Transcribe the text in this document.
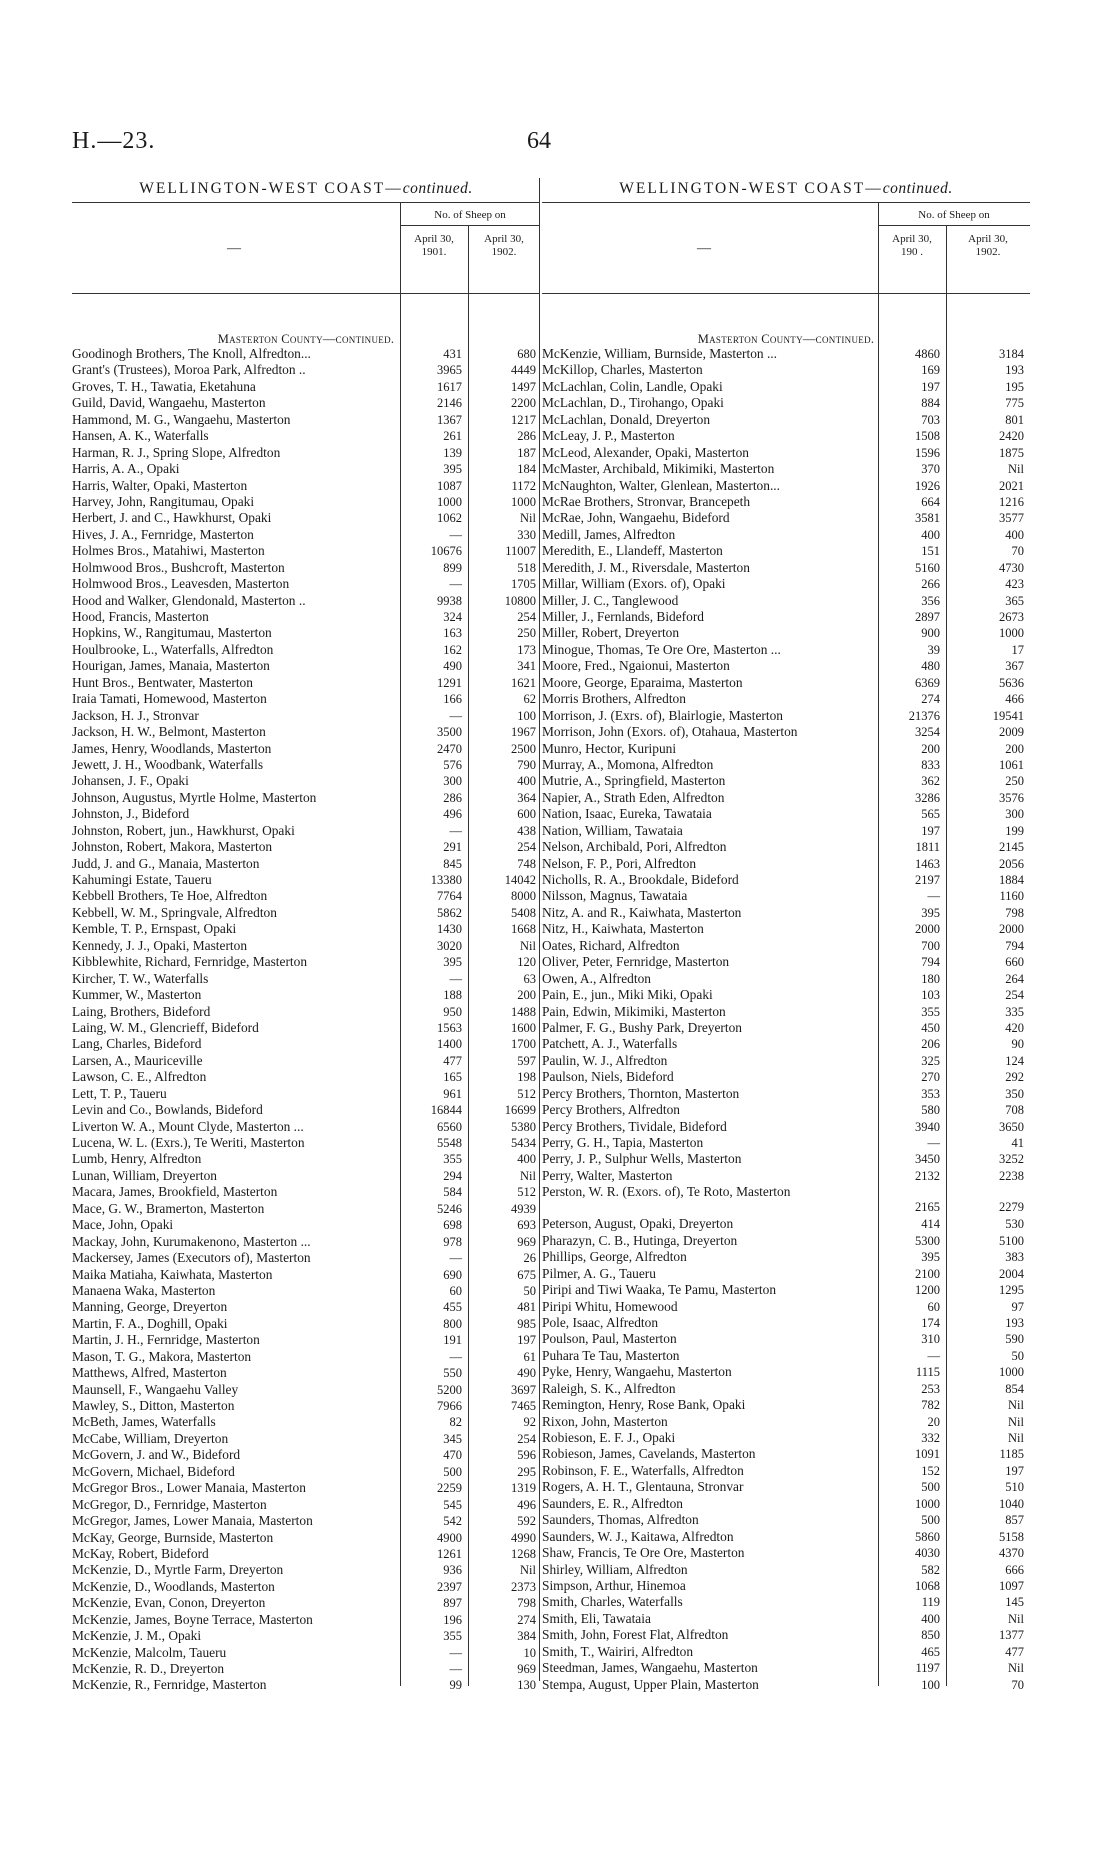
H.—23.	64
WELLINGTON-WEST COAST—continued.
—
No. of Sheep on
April 30,
1901.
April 30,
1902.
Masterton County—continued.
Goodinogh Brothers, The Knoll, Alfredton...	431	680
Grant's (Trustees), Moroa Park, Alfredton ..	3965	4449
Groves, T. H., Tawatia, Eketahuna	1617	1497
Guild, David, Wangaehu, Masterton	2146	2200
Hammond, M. G., Wangaehu, Masterton	1367	1217
Hansen, A. K., Waterfalls	261	286
Harman, R. J., Spring Slope, Alfredton	139	187
Harris, A. A., Opaki	395	184
Harris, Walter, Opaki, Masterton	1087	1172
Harvey, John, Rangitumau, Opaki	1000	1000
Herbert, J. and C., Hawkhurst, Opaki	1062	Nil
Hives, J. A., Fernridge, Masterton	—	330
Holmes Bros., Matahiwi, Masterton	10676	11007
Holmwood Bros., Bushcroft, Masterton	899	518
Holmwood Bros., Leavesden, Masterton	—	1705
Hood and Walker, Glendonald, Masterton ..	9938	10800
Hood, Francis, Masterton	324	254
Hopkins, W., Rangitumau, Masterton	163	250
Houlbrooke, L., Waterfalls, Alfredton	162	173
Hourigan, James, Manaia, Masterton	490	341
Hunt Bros., Bentwater, Masterton	1291	1621
Iraia Tamati, Homewood, Masterton	166	62
Jackson, H. J., Stronvar	—	100
Jackson, H. W., Belmont, Masterton	3500	1967
James, Henry, Woodlands, Masterton	2470	2500
Jewett, J. H., Woodbank, Waterfalls	576	790
Johansen, J. F., Opaki	300	400
Johnson, Augustus, Myrtle Holme, Masterton	286	364
Johnston, J., Bideford	496	600
Johnston, Robert, jun., Hawkhurst, Opaki	—	438
Johnston, Robert, Makora, Masterton	291	254
Judd, J. and G., Manaia, Masterton	845	748
Kahumingi Estate, Taueru	13380	14042
Kebbell Brothers, Te Hoe, Alfredton	7764	8000
Kebbell, W. M., Springvale, Alfredton	5862	5408
Kemble, T. P., Ernspast, Opaki	1430	1668
Kennedy, J. J., Opaki, Masterton	3020	Nil
Kibblewhite, Richard, Fernridge, Masterton	395	120
Kircher, T. W., Waterfalls	—	63
Kummer, W., Masterton	188	200
Laing, Brothers, Bideford	950	1488
Laing, W. M., Glencrieff, Bideford	1563	1600
Lang, Charles, Bideford	1400	1700
Larsen, A., Mauriceville	477	597
Lawson, C. E., Alfredton	165	198
Lett, T. P., Taueru	961	512
Levin and Co., Bowlands, Bideford	16844	16699
Liverton W. A., Mount Clyde, Masterton ...	6560	5380
Lucena, W. L. (Exrs.), Te Weriti, Masterton	5548	5434
Lumb, Henry, Alfredton	355	400
Lunan, William, Dreyerton	294	Nil
Macara, James, Brookfield, Masterton	584	512
Mace, G. W., Bramerton, Masterton	5246	4939
Mace, John, Opaki	698	693
Mackay, John, Kurumakenono, Masterton ...	978	969
Mackersey, James (Executors of), Masterton	—	26
Maika Matiaha, Kaiwhata, Masterton	690	675
Manaena Waka, Masterton	60	50
Manning, George, Dreyerton	455	481
Martin, F. A., Doghill, Opaki	800	985
Martin, J. H., Fernridge, Masterton	191	197
Mason, T. G., Makora, Masterton	—	61
Matthews, Alfred, Masterton	550	490
Maunsell, F., Wangaehu Valley	5200	3697
Mawley, S., Ditton, Masterton	7966	7465
McBeth, James, Waterfalls	82	92
McCabe, William, Dreyerton	345	254
McGovern, J. and W., Bideford	470	596
McGovern, Michael, Bideford	500	295
McGregor Bros., Lower Manaia, Masterton	2259	1319
McGregor, D., Fernridge, Masterton	545	496
McGregor, James, Lower Manaia, Masterton	542	592
McKay, George, Burnside, Masterton	4900	4990
McKay, Robert, Bideford	1261	1268
McKenzie, D., Myrtle Farm, Dreyerton	936	Nil
McKenzie, D., Woodlands, Masterton	2397	2373
McKenzie, Evan, Conon, Dreyerton	897	798
McKenzie, James, Boyne Terrace, Masterton	196	274
McKenzie, J. M., Opaki	355	384
McKenzie, Malcolm, Taueru	—	10
McKenzie, R. D., Dreyerton	—	969
McKenzie, R., Fernridge, Masterton	99	130
WELLINGTON-WEST COAST—continued.
—
No. of Sheep on
April 30,
190 .
April 30,
1902.
Masterton County—continued.
McKenzie, William, Burnside, Masterton ...	4860	3184
McKillop, Charles, Masterton	169	193
McLachlan, Colin, Landle, Opaki	197	195
McLachlan, D., Tirohango, Opaki	884	775
McLachlan, Donald, Dreyerton	703	801
McLeay, J. P., Masterton	1508	2420
McLeod, Alexander, Opaki, Masterton	1596	1875
McMaster, Archibald, Mikimiki, Masterton	370	Nil
McNaughton, Walter, Glenlean, Masterton...	1926	2021
McRae Brothers, Stronvar, Brancepeth	664	1216
McRae, John, Wangaehu, Bideford	3581	3577
Medill, James, Alfredton	400	400
Meredith, E., Llandeff, Masterton	151	70
Meredith, J. M., Riversdale, Masterton	5160	4730
Millar, William (Exors. of), Opaki	266	423
Miller, J. C., Tanglewood	356	365
Miller, J., Fernlands, Bideford	2897	2673
Miller, Robert, Dreyerton	900	1000
Minogue, Thomas, Te Ore Ore, Masterton ...	39	17
Moore, Fred., Ngaionui, Masterton	480	367
Moore, George, Eparaima, Masterton	6369	5636
Morris Brothers, Alfredton	274	466
Morrison, J. (Exrs. of), Blairlogie, Masterton	21376	19541
Morrison, John (Exors. of), Otahaua, Masterton	3254	2009
Munro, Hector, Kuripuni	200	200
Murray, A., Momona, Alfredton	833	1061
Mutrie, A., Springfield, Masterton	362	250
Napier, A., Strath Eden, Alfredton	3286	3576
Nation, Isaac, Eureka, Tawataia	565	300
Nation, William, Tawataia	197	199
Nelson, Archibald, Pori, Alfredton	1811	2145
Nelson, F. P., Pori, Alfredton	1463	2056
Nicholls, R. A., Brookdale, Bideford	2197	1884
Nilsson, Magnus, Tawataia	—	1160
Nitz, A. and R., Kaiwhata, Masterton	395	798
Nitz, H., Kaiwhata, Masterton	2000	2000
Oates, Richard, Alfredton	700	794
Oliver, Peter, Fernridge, Masterton	794	660
Owen, A., Alfredton	180	264
Pain, E., jun., Miki Miki, Opaki	103	254
Pain, Edwin, Mikimiki, Masterton	355	335
Palmer, F. G., Bushy Park, Dreyerton	450	420
Patchett, A. J., Waterfalls	206	90
Paulin, W. J., Alfredton	325	124
Paulson, Niels, Bideford	270	292
Percy Brothers, Thornton, Masterton	353	350
Percy Brothers, Alfredton	580	708
Percy Brothers, Tividale, Bideford	3940	3650
Perry, G. H., Tapia, Masterton	—	41
Perry, J. P., Sulphur Wells, Masterton	3450	3252
Perry, Walter, Masterton	2132	2238
Perston, W. R. (Exors. of), Te Roto, Masterton
2165	2279
Peterson, August, Opaki, Dreyerton	414	530
Pharazyn, C. B., Hutinga, Dreyerton	5300	5100
Phillips, George, Alfredton	395	383
Pilmer, A. G., Taueru	2100	2004
Piripi and Tiwi Waaka, Te Pamu, Masterton	1200	1295
Piripi Whitu, Homewood	60	97
Pole, Isaac, Alfredton	174	193
Poulson, Paul, Masterton	310	590
Puhara Te Tau, Masterton	—	50
Pyke, Henry, Wangaehu, Masterton	1115	1000
Raleigh, S. K., Alfredton	253	854
Remington, Henry, Rose Bank, Opaki	782	Nil
Rixon, John, Masterton	20	Nil
Robieson, E. F. J., Opaki	332	Nil
Robieson, James, Cavelands, Masterton	1091	1185
Robinson, F. E., Waterfalls, Alfredton	152	197
Rogers, A. H. T., Glentauna, Stronvar	500	510
Saunders, E. R., Alfredton	1000	1040
Saunders, Thomas, Alfredton	500	857
Saunders, W. J., Kaitawa, Alfredton	5860	5158
Shaw, Francis, Te Ore Ore, Masterton	4030	4370
Shirley, William, Alfredton	582	666
Simpson, Arthur, Hinemoa	1068	1097
Smith, Charles, Waterfalls	119	145
Smith, Eli, Tawataia	400	Nil
Smith, John, Forest Flat, Alfredton	850	1377
Smith, T., Wairiri, Alfredton	465	477
Steedman, James, Wangaehu, Masterton	1197	Nil
Stempa, August, Upper Plain, Masterton	100	70
